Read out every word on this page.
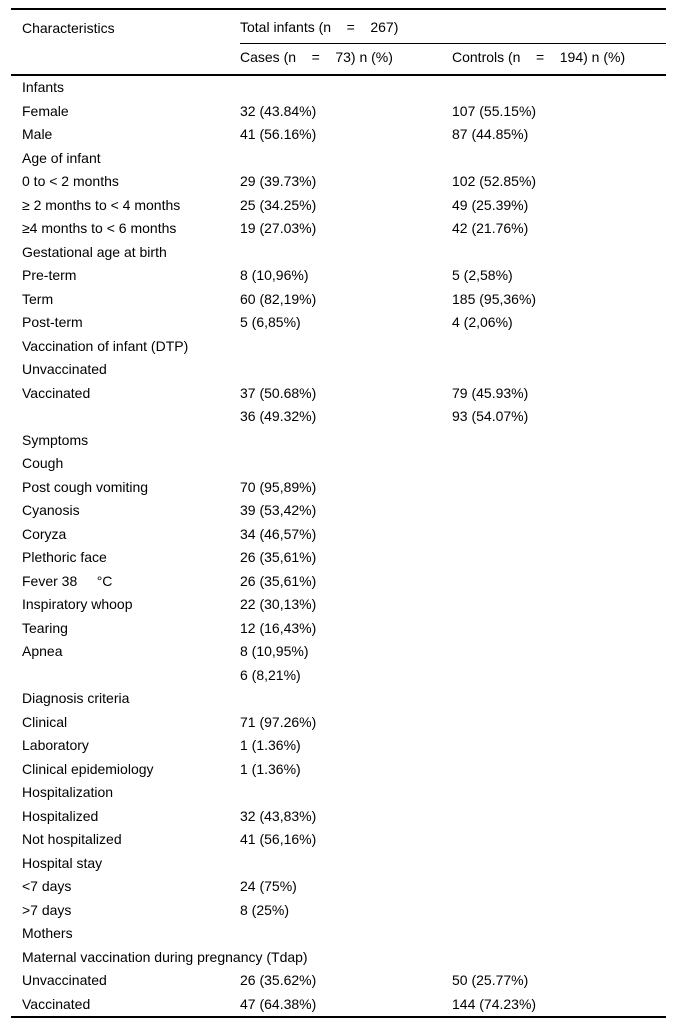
Characteristics	Total infants (n    =    267)	
	Cases (n    =    73) n (%)	Controls (n    =    194) n (%)
Infants		
Female	32 (43.84%)	107 (55.15%)
Male	41 (56.16%)	87 (44.85%)
Age of infant		
0 to < 2 months	29 (39.73%)	102 (52.85%)
≥ 2 months to < 4 months	25 (34.25%)	49 (25.39%)
≥4 months to < 6 months	19 (27.03%)	42 (21.76%)
Gestational age at birth		
Pre-term	8 (10,96%)	5 (2,58%)
Term	60 (82,19%)	185 (95,36%)
Post-term	5 (6,85%)	4 (2,06%)
Vaccination of infant (DTP)		
Unvaccinated		
Vaccinated	37 (50.68%)	79 (45.93%)
	36 (49.32%)	93 (54.07%)
Symptoms		
Cough		
Post cough vomiting	70 (95,89%)	
Cyanosis	39 (53,42%)	
Coryza	34 (46,57%)	
Plethoric face	26 (35,61%)	
Fever 38     °C	26 (35,61%)	
Inspiratory whoop	22 (30,13%)	
Tearing	12 (16,43%)	
Apnea	8 (10,95%)	
	6 (8,21%)	
Diagnosis criteria		
Clinical	71 (97.26%)	
Laboratory	1 (1.36%)	
Clinical epidemiology	1 (1.36%)	
Hospitalization		
Hospitalized	32 (43,83%)	
Not hospitalized	41 (56,16%)	
Hospital stay		
<7 days	24 (75%)	
>7 days	8 (25%)	
Mothers		
Maternal vaccination during pregnancy (Tdap)		
Unvaccinated	26 (35.62%)	50 (25.77%)
Vaccinated	47 (64.38%)	144 (74.23%)
